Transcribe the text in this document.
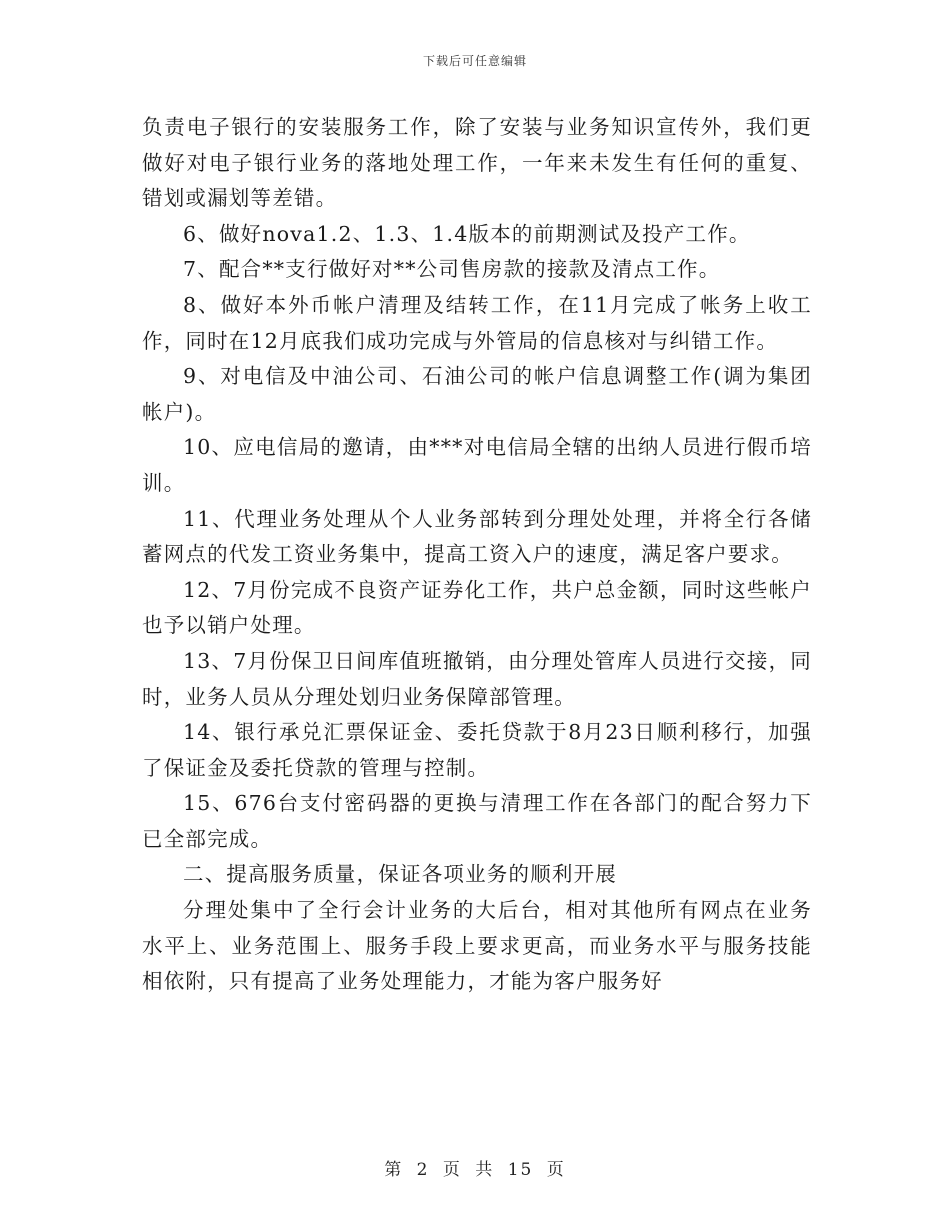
下载后可任意编辑

负责电子银行的安装服务工作，除了安装与业务知识宣传外，我们更做好对电子银行业务的落地处理工作，一年来未发生有任何的重复、错划或漏划等差错。

6、做好nova1.2、1.3、1.4版本的前期测试及投产工作。

7、配合**支行做好对**公司售房款的接款及清点工作。

8、做好本外币帐户清理及结转工作，在11月完成了帐务上收工作，同时在12月底我们成功完成与外管局的信息核对与纠错工作。

9、对电信及中油公司、石油公司的帐户信息调整工作(调为集团帐户)。

10、应电信局的邀请，由***对电信局全辖的出纳人员进行假币培训。

11、代理业务处理从个人业务部转到分理处处理，并将全行各储蓄网点的代发工资业务集中，提高工资入户的速度，满足客户要求。

12、7月份完成不良资产证券化工作，共户总金额，同时这些帐户也予以销户处理。

13、7月份保卫日间库值班撤销，由分理处管库人员进行交接，同时，业务人员从分理处划归业务保障部管理。

14、银行承兑汇票保证金、委托贷款于8月23日顺利移行，加强了保证金及委托贷款的管理与控制。

15、676台支付密码器的更换与清理工作在各部门的配合努力下已全部完成。

二、提高服务质量，保证各项业务的顺利开展

分理处集中了全行会计业务的大后台，相对其他所有网点在业务水平上、业务范围上、服务手段上要求更高，而业务水平与服务技能相依附，只有提高了业务处理能力，才能为客户服务好

第 2 页 共 15 页
